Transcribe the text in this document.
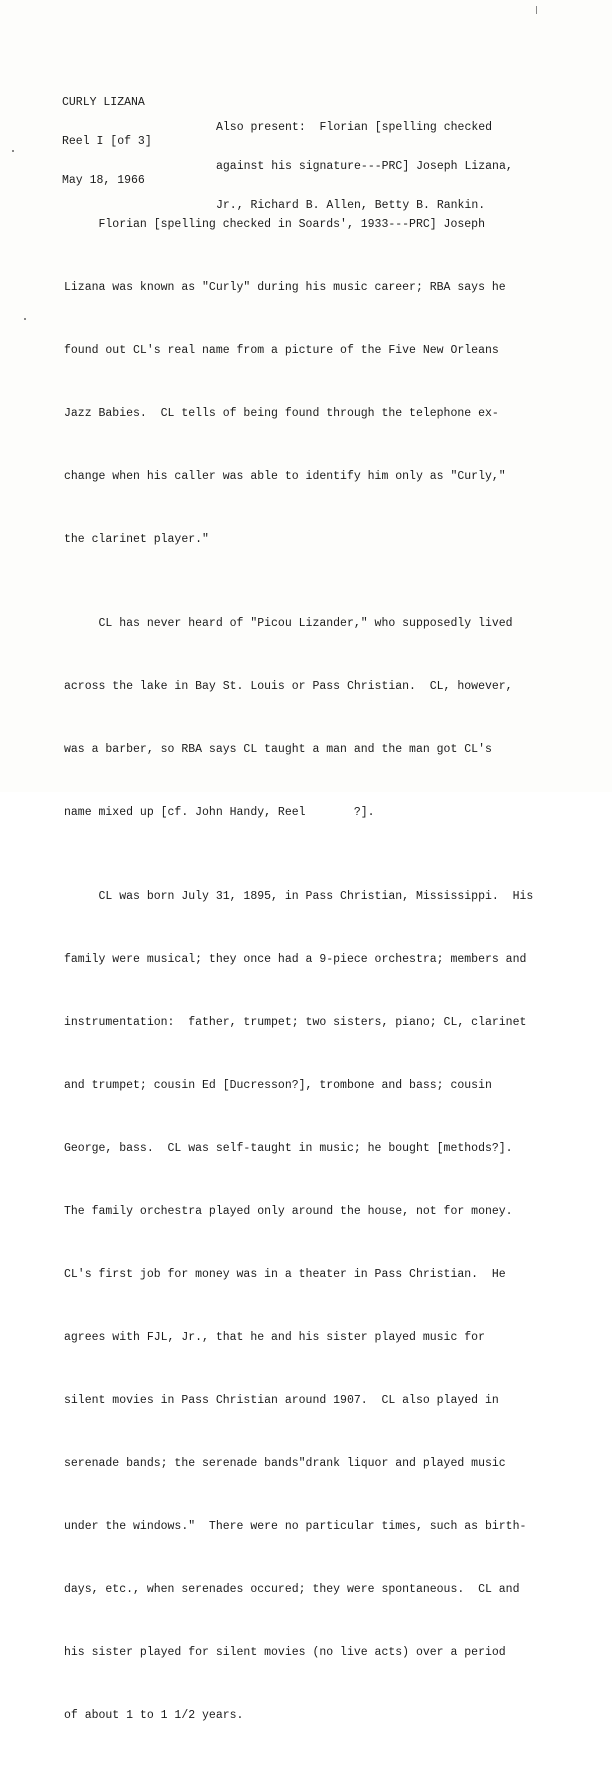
CURLY LIZANA

Reel I [of 3]

May 18, 1966

Also present:  Florian [spelling checked

against his signature---PRC] Joseph Lizana,

Jr., Richard B. Allen, Betty B. Rankin.

Florian [spelling checked in Soards', 1933---PRC] Joseph

Lizana was known as "Curly" during his music career; RBA says he

found out CL's real name from a picture of the Five New Orleans

Jazz Babies.  CL tells of being found through the telephone ex-

change when his caller was able to identify him only as "Curly,"

the clarinet player."

CL has never heard of "Picou Lizander," who supposedly lived

across the lake in Bay St. Louis or Pass Christian.  CL, however,

was a barber, so RBA says CL taught a man and the man got CL's

name mixed up [cf. John Handy, Reel       ?].

CL was born July 31, 1895, in Pass Christian, Mississippi.  His

family were musical; they once had a 9-piece orchestra; members and

instrumentation:  father, trumpet; two sisters, piano; CL, clarinet

and trumpet; cousin Ed [Ducresson?], trombone and bass; cousin

George, bass.  CL was self-taught in music; he bought [methods?].

The family orchestra played only around the house, not for money.

CL's first job for money was in a theater in Pass Christian.  He

agrees with FJL, Jr., that he and his sister played music for

silent movies in Pass Christian around 1907.  CL also played in

serenade bands; the serenade bands"drank liquor and played music

under the windows."  There were no particular times, such as birth-

days, etc., when serenades occured; they were spontaneous.  CL and

his sister played for silent movies (no live acts) over a period

of about 1 to 1 1/2 years.
